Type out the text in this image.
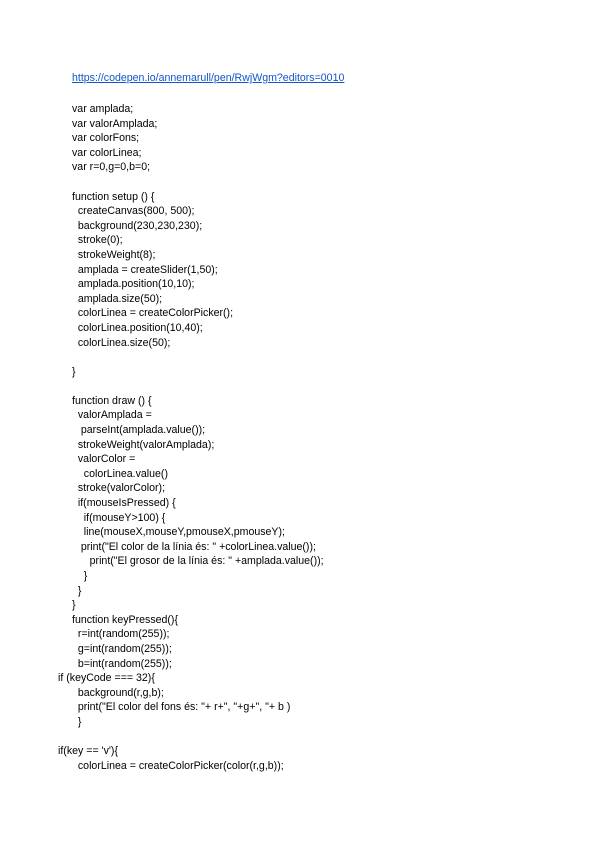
https://codepen.io/annemarull/pen/RwjWgm?editors=0010
var amplada;
var valorAmplada;
var colorFons;
var colorLinea;
var r=0,g=0,b=0;
function setup () {
createCanvas(800, 500);
background(230,230,230);
stroke(0);
strokeWeight(8);
amplada = createSlider(1,50);
amplada.position(10,10);
amplada.size(50);
colorLinea = createColorPicker();
colorLinea.position(10,40);
colorLinea.size(50);
}
function draw () {
valorAmplada =
parseInt(amplada.value());
strokeWeight(valorAmplada);
valorColor =
colorLinea.value()
stroke(valorColor);
if(mouseIsPressed) {
if(mouseY>100) {
line(mouseX,mouseY,pmouseX,pmouseY);
print("El color de la línia és: " +colorLinea.value());
print("El grosor de la línia és: " +amplada.value());
}
}
}
function keyPressed(){
r=int(random(255));
g=int(random(255));
b=int(random(255));
if (keyCode === 32){
background(r,g,b);
print("El color del fons és: "+ r+", "+g+", "+ b )
}
if(key == 'v'){
colorLinea = createColorPicker(color(r,g,b));
